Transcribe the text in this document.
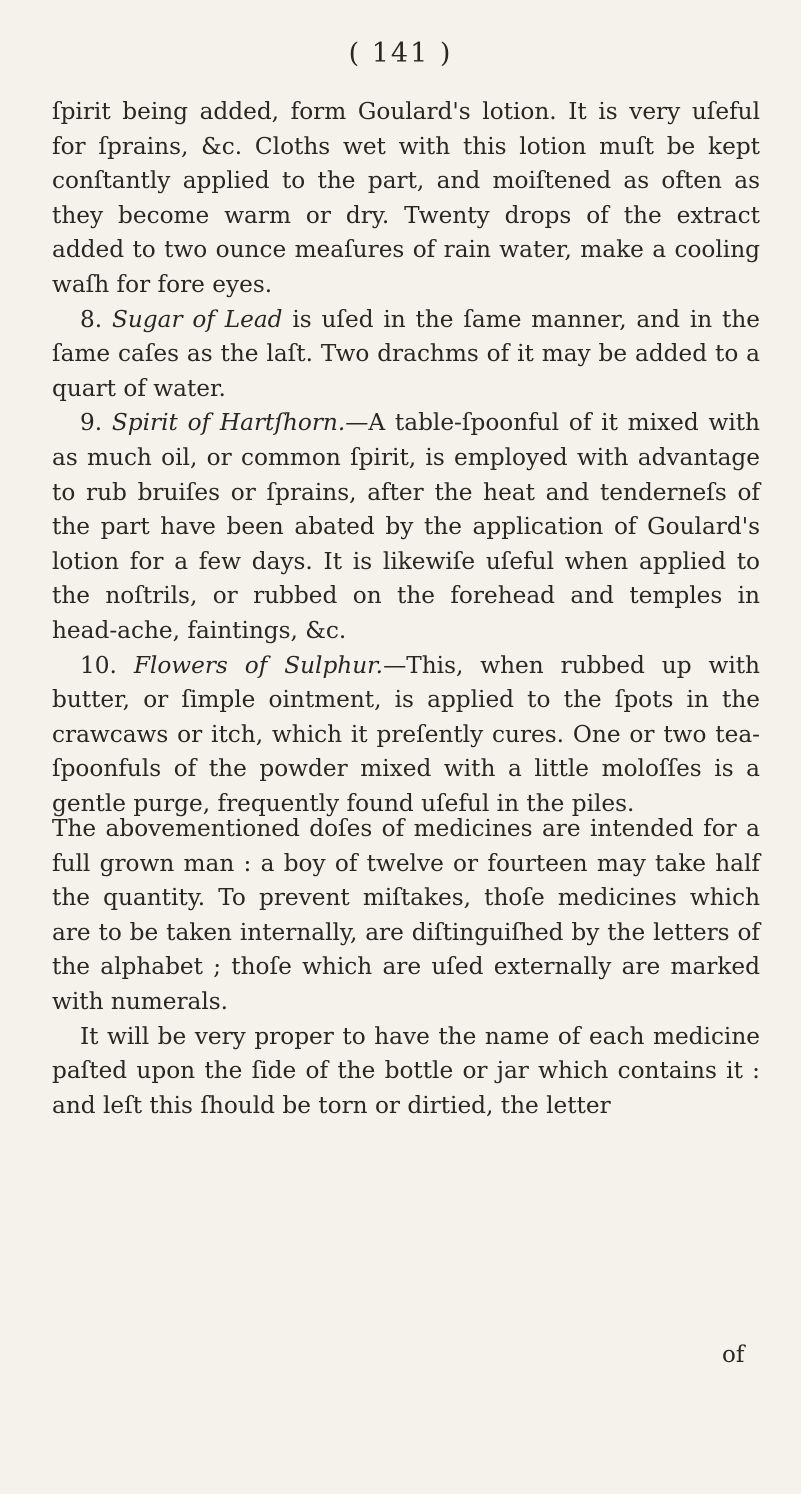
( 141 )

ſpirit being added, form Goulard's lotion. It is very uſeful for ſprains, &c. Cloths wet with this lotion muſt be kept conſtantly applied to the part, and moiſtened as often as they become warm or dry. Twenty drops of the extract added to two ounce meaſures of rain water, make a cooling waſh for fore eyes.

8. Sugar of Lead is uſed in the ſame manner, and in the ſame caſes as the laſt. Two drachms of it may be added to a quart of water.

9. Spirit of Hartſhorn.—A table-ſpoonful of it mixed with as much oil, or common ſpirit, is employed with advantage to rub bruiſes or ſprains, after the heat and tenderneſs of the part have been abated by the application of Goulard's lotion for a few days. It is likewiſe uſeful when applied to the noſtrils, or rubbed on the forehead and temples in head-ache, faintings, &c.

10. Flowers of Sulphur.—This, when rubbed up with butter, or ſimple ointment, is applied to the ſpots in the crawcaws or itch, which it preſently cures. One or two tea-ſpoonfuls of the powder mixed with a little moloſſes is a gentle purge, frequently found uſeful in the piles.

The abovementioned doſes of medicines are intended for a full grown man : a boy of twelve or fourteen may take half the quantity. To prevent miſtakes, thoſe medicines which are to be taken internally, are diſtinguiſhed by the letters of the alphabet ; thoſe which are uſed externally are marked with numerals.

It will be very proper to have the name of each medicine paſted upon the ſide of the bottle or jar which contains it : and leſt this ſhould be torn or dirtied, the letter

of
